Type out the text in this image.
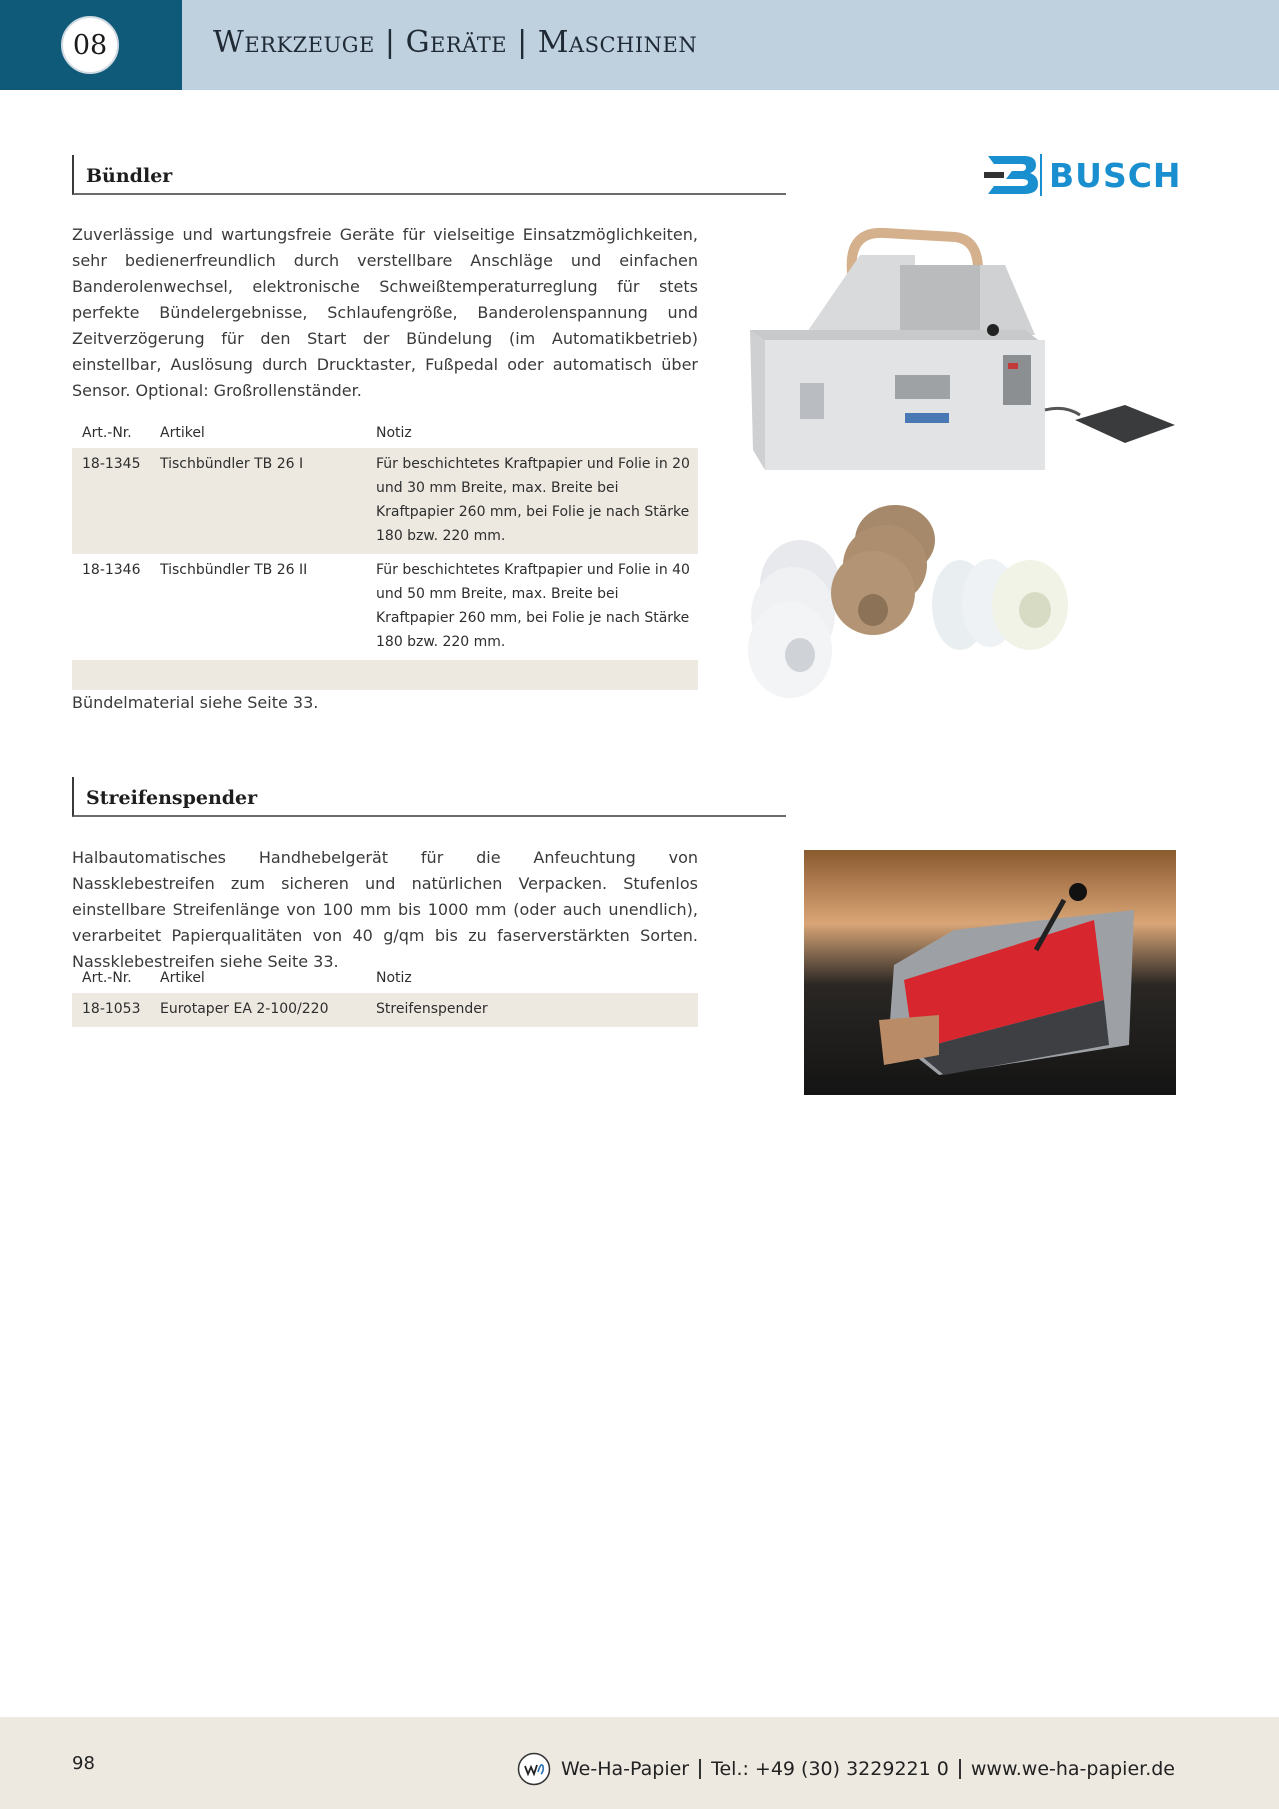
08	Werkzeuge | Geräte | Maschinen
Bündler	BUSCH
Zuverlässige und wartungsfreie Geräte für vielseitige Einsatzmöglichkeiten, sehr bedienerfreundlich durch verstellbare Anschläge und einfachen Banderolenwechsel, elektronische Schweißtemperaturreglung für stets perfekte Bündelergebnisse, Schlaufengröße, Banderolenspannung und Zeitverzögerung für den Start der Bündelung (im Automatikbetrieb) einstellbar, Auslösung durch Drucktaster, Fußpedal oder automatisch über Sensor. Optional: Großrollenständer.
Art.-Nr.	Artikel	Notiz
18-1345	Tischbündler TB 26 I	Für beschichtetes Kraftpapier und Folie in 20 und 30 mm Breite, max. Breite bei Kraftpapier 260 mm, bei Folie je nach Stärke 180 bzw. 220 mm.
18-1346	Tischbündler TB 26 II	Für beschichtetes Kraftpapier und Folie in 40 und 50 mm Breite, max. Breite bei Kraftpapier 260 mm, bei Folie je nach Stärke 180 bzw. 220 mm.

Bündelmaterial siehe Seite 33.
Streifenspender
Halbautomatisches Handhebelgerät für die Anfeuchtung von Nassklebestreifen zum sicheren und natürlichen Verpacken. Stufenlos einstellbare Streifenlänge von 100 mm bis 1000 mm (oder auch unendlich), verarbeitet Papierqualitäten von 40 g/qm bis zu faserverstärkten Sorten. Nassklebestreifen siehe Seite 33.
Art.-Nr.	Artikel	Notiz
18-1053	Eurotaper EA 2-100/220	Streifenspender
98	We-Ha-Papier Tel.: +49 (30) 3229221 0 www.we-ha-papier.de
